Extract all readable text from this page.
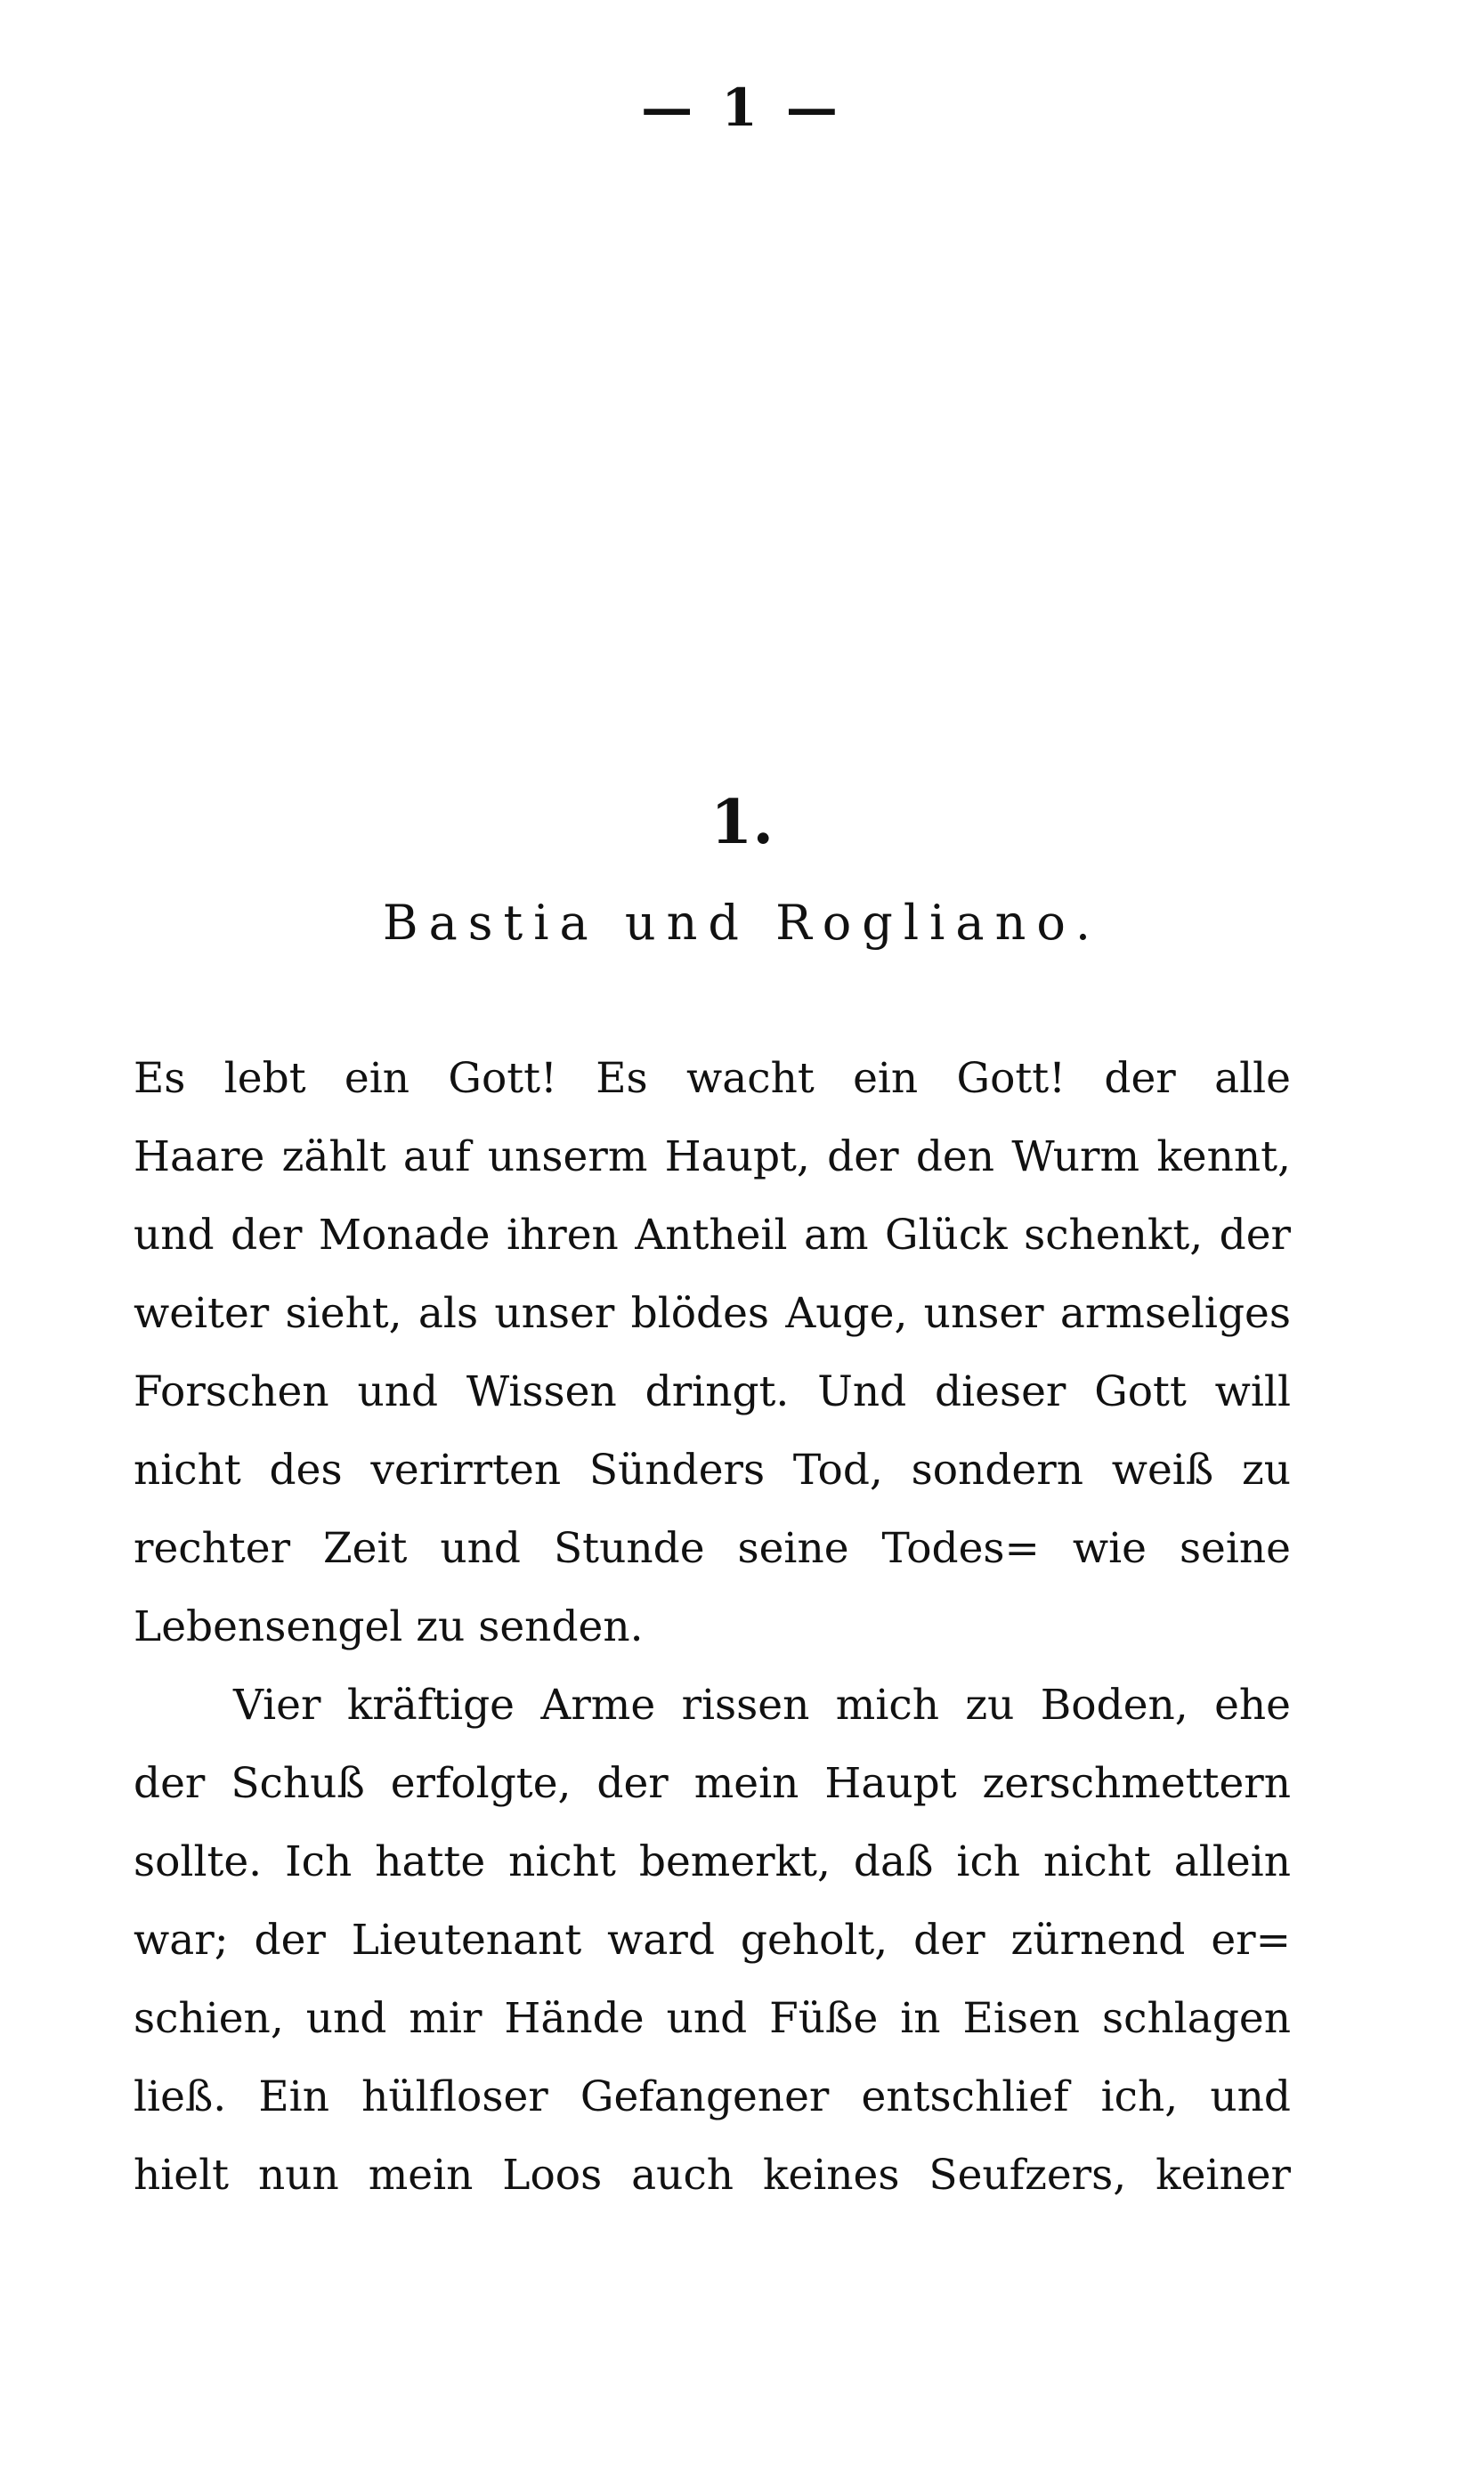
— 1 —
1.
Bastia und Rogliano.
Es lebt ein Gott! Es wacht ein Gott! der alle
Haare zählt auf unserm Haupt, der den Wurm kennt,
und der Monade ihren Antheil am Glück schenkt, der
weiter sieht, als unser blödes Auge, unser armseliges
Forschen und Wissen dringt. Und dieser Gott will
nicht des verirrten Sünders Tod, sondern weiß zu
rechter Zeit und Stunde seine Todes= wie seine
Lebensengel zu senden.
Vier kräftige Arme rissen mich zu Boden, ehe
der Schuß erfolgte, der mein Haupt zerschmettern
sollte. Ich hatte nicht bemerkt, daß ich nicht allein
war; der Lieutenant ward geholt, der zürnend er=
schien, und mir Hände und Füße in Eisen schlagen
ließ. Ein hülfloser Gefangener entschlief ich, und
hielt nun mein Loos auch keines Seufzers, keiner
